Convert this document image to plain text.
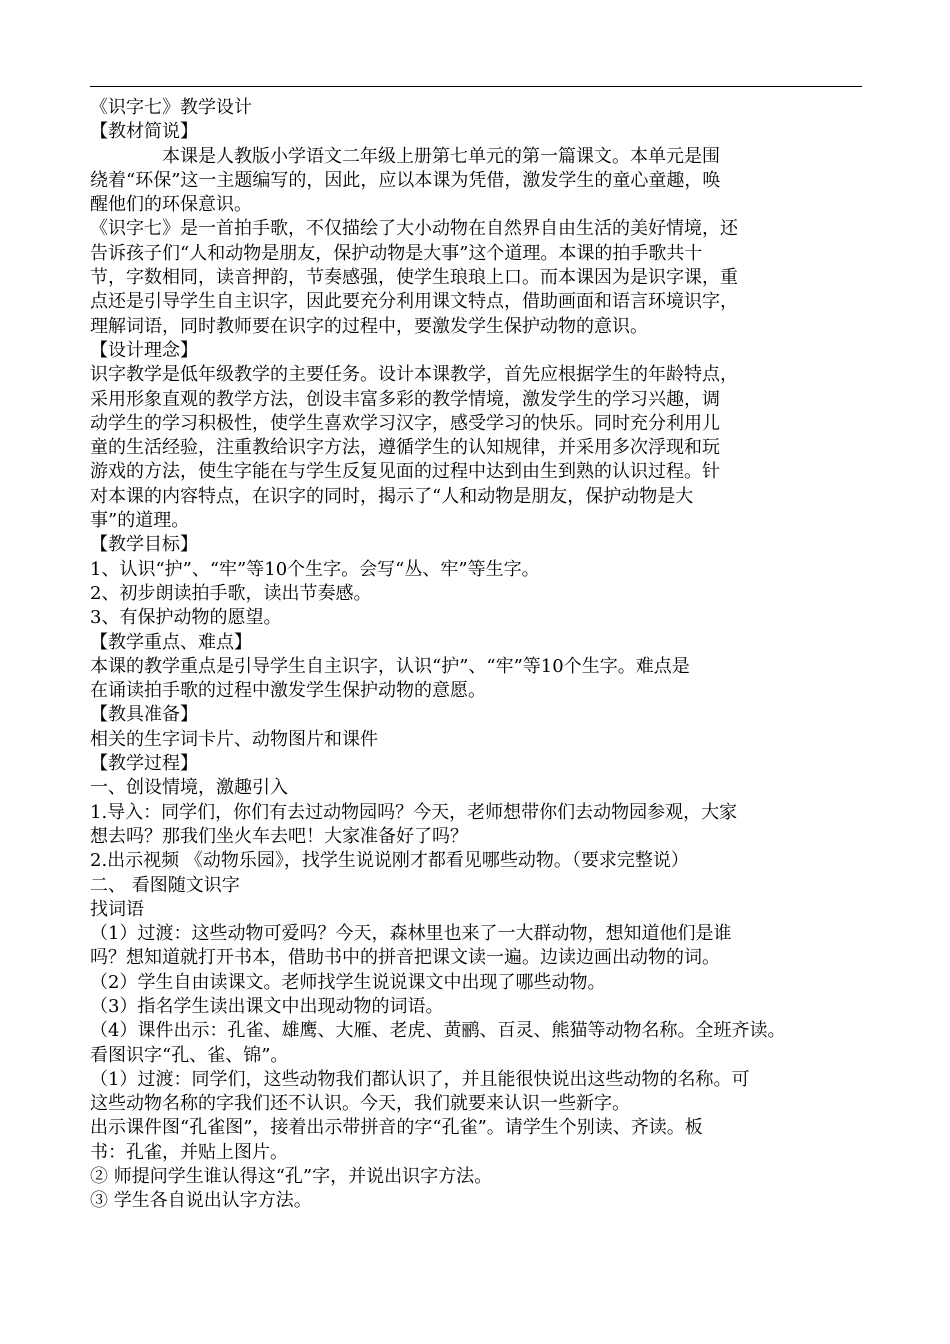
《识字七》教学设计
【教材简说】
本课是人教版小学语文二年级上册第七单元的第一篇课文。本单元是围
绕着“环保”这一主题编写的，因此，应以本课为凭借，激发学生的童心童趣，唤
醒他们的环保意识。
《识字七》是一首拍手歌，不仅描绘了大小动物在自然界自由生活的美好情境，还
告诉孩子们“人和动物是朋友，保护动物是大事”这个道理。本课的拍手歌共十
节，字数相同，读音押韵，节奏感强，使学生琅琅上口。而本课因为是识字课，重
点还是引导学生自主识字，因此要充分利用课文特点，借助画面和语言环境识字，
理解词语，同时教师要在识字的过程中，要激发学生保护动物的意识。
【设计理念】
识字教学是低年级教学的主要任务。设计本课教学，首先应根据学生的年龄特点，
采用形象直观的教学方法，创设丰富多彩的教学情境，激发学生的学习兴趣，调
动学生的学习积极性，使学生喜欢学习汉字，感受学习的快乐。同时充分利用儿
童的生活经验，注重教给识字方法，遵循学生的认知规律，并采用多次浮现和玩
游戏的方法，使生字能在与学生反复见面的过程中达到由生到熟的认识过程。针
对本课的内容特点，在识字的同时，揭示了“人和动物是朋友，保护动物是大
事”的道理。
【教学目标】
1、认识“护”、“牢”等10个生字。会写“丛、牢”等生字。
2、初步朗读拍手歌，读出节奏感。
3、有保护动物的愿望。
【教学重点、难点】
本课的教学重点是引导学生自主识字，认识“护”、“牢”等10个生字。难点是
在诵读拍手歌的过程中激发学生保护动物的意愿。
【教具准备】
相关的生字词卡片、动物图片和课件
【教学过程】
一、创设情境，激趣引入
1.导入：同学们，你们有去过动物园吗？今天，老师想带你们去动物园参观，大家
想去吗？那我们坐火车去吧！大家准备好了吗？
2.出示视频 《动物乐园》，找学生说说刚才都看见哪些动物。（要求完整说）
二、 看图随文识字
找词语
（1）过渡：这些动物可爱吗？今天，森林里也来了一大群动物，想知道他们是谁
吗？想知道就打开书本，借助书中的拼音把课文读一遍。边读边画出动物的词。
（2）学生自由读课文。老师找学生说说课文中出现了哪些动物。
（3）指名学生读出课文中出现动物的词语。
（4）课件出示：孔雀、雄鹰、大雁、老虎、黄鹂、百灵、熊猫等动物名称。全班齐读。
看图识字“孔、雀、锦”。
（1）过渡：同学们，这些动物我们都认识了，并且能很快说出这些动物的名称。可
这些动物名称的字我们还不认识。今天，我们就要来认识一些新字。
出示课件图“孔雀图”，接着出示带拼音的字“孔雀”。请学生个别读、齐读。板
书：孔雀，并贴上图片。
② 师提问学生谁认得这“孔”字，并说出识字方法。
③ 学生各自说出认字方法。
